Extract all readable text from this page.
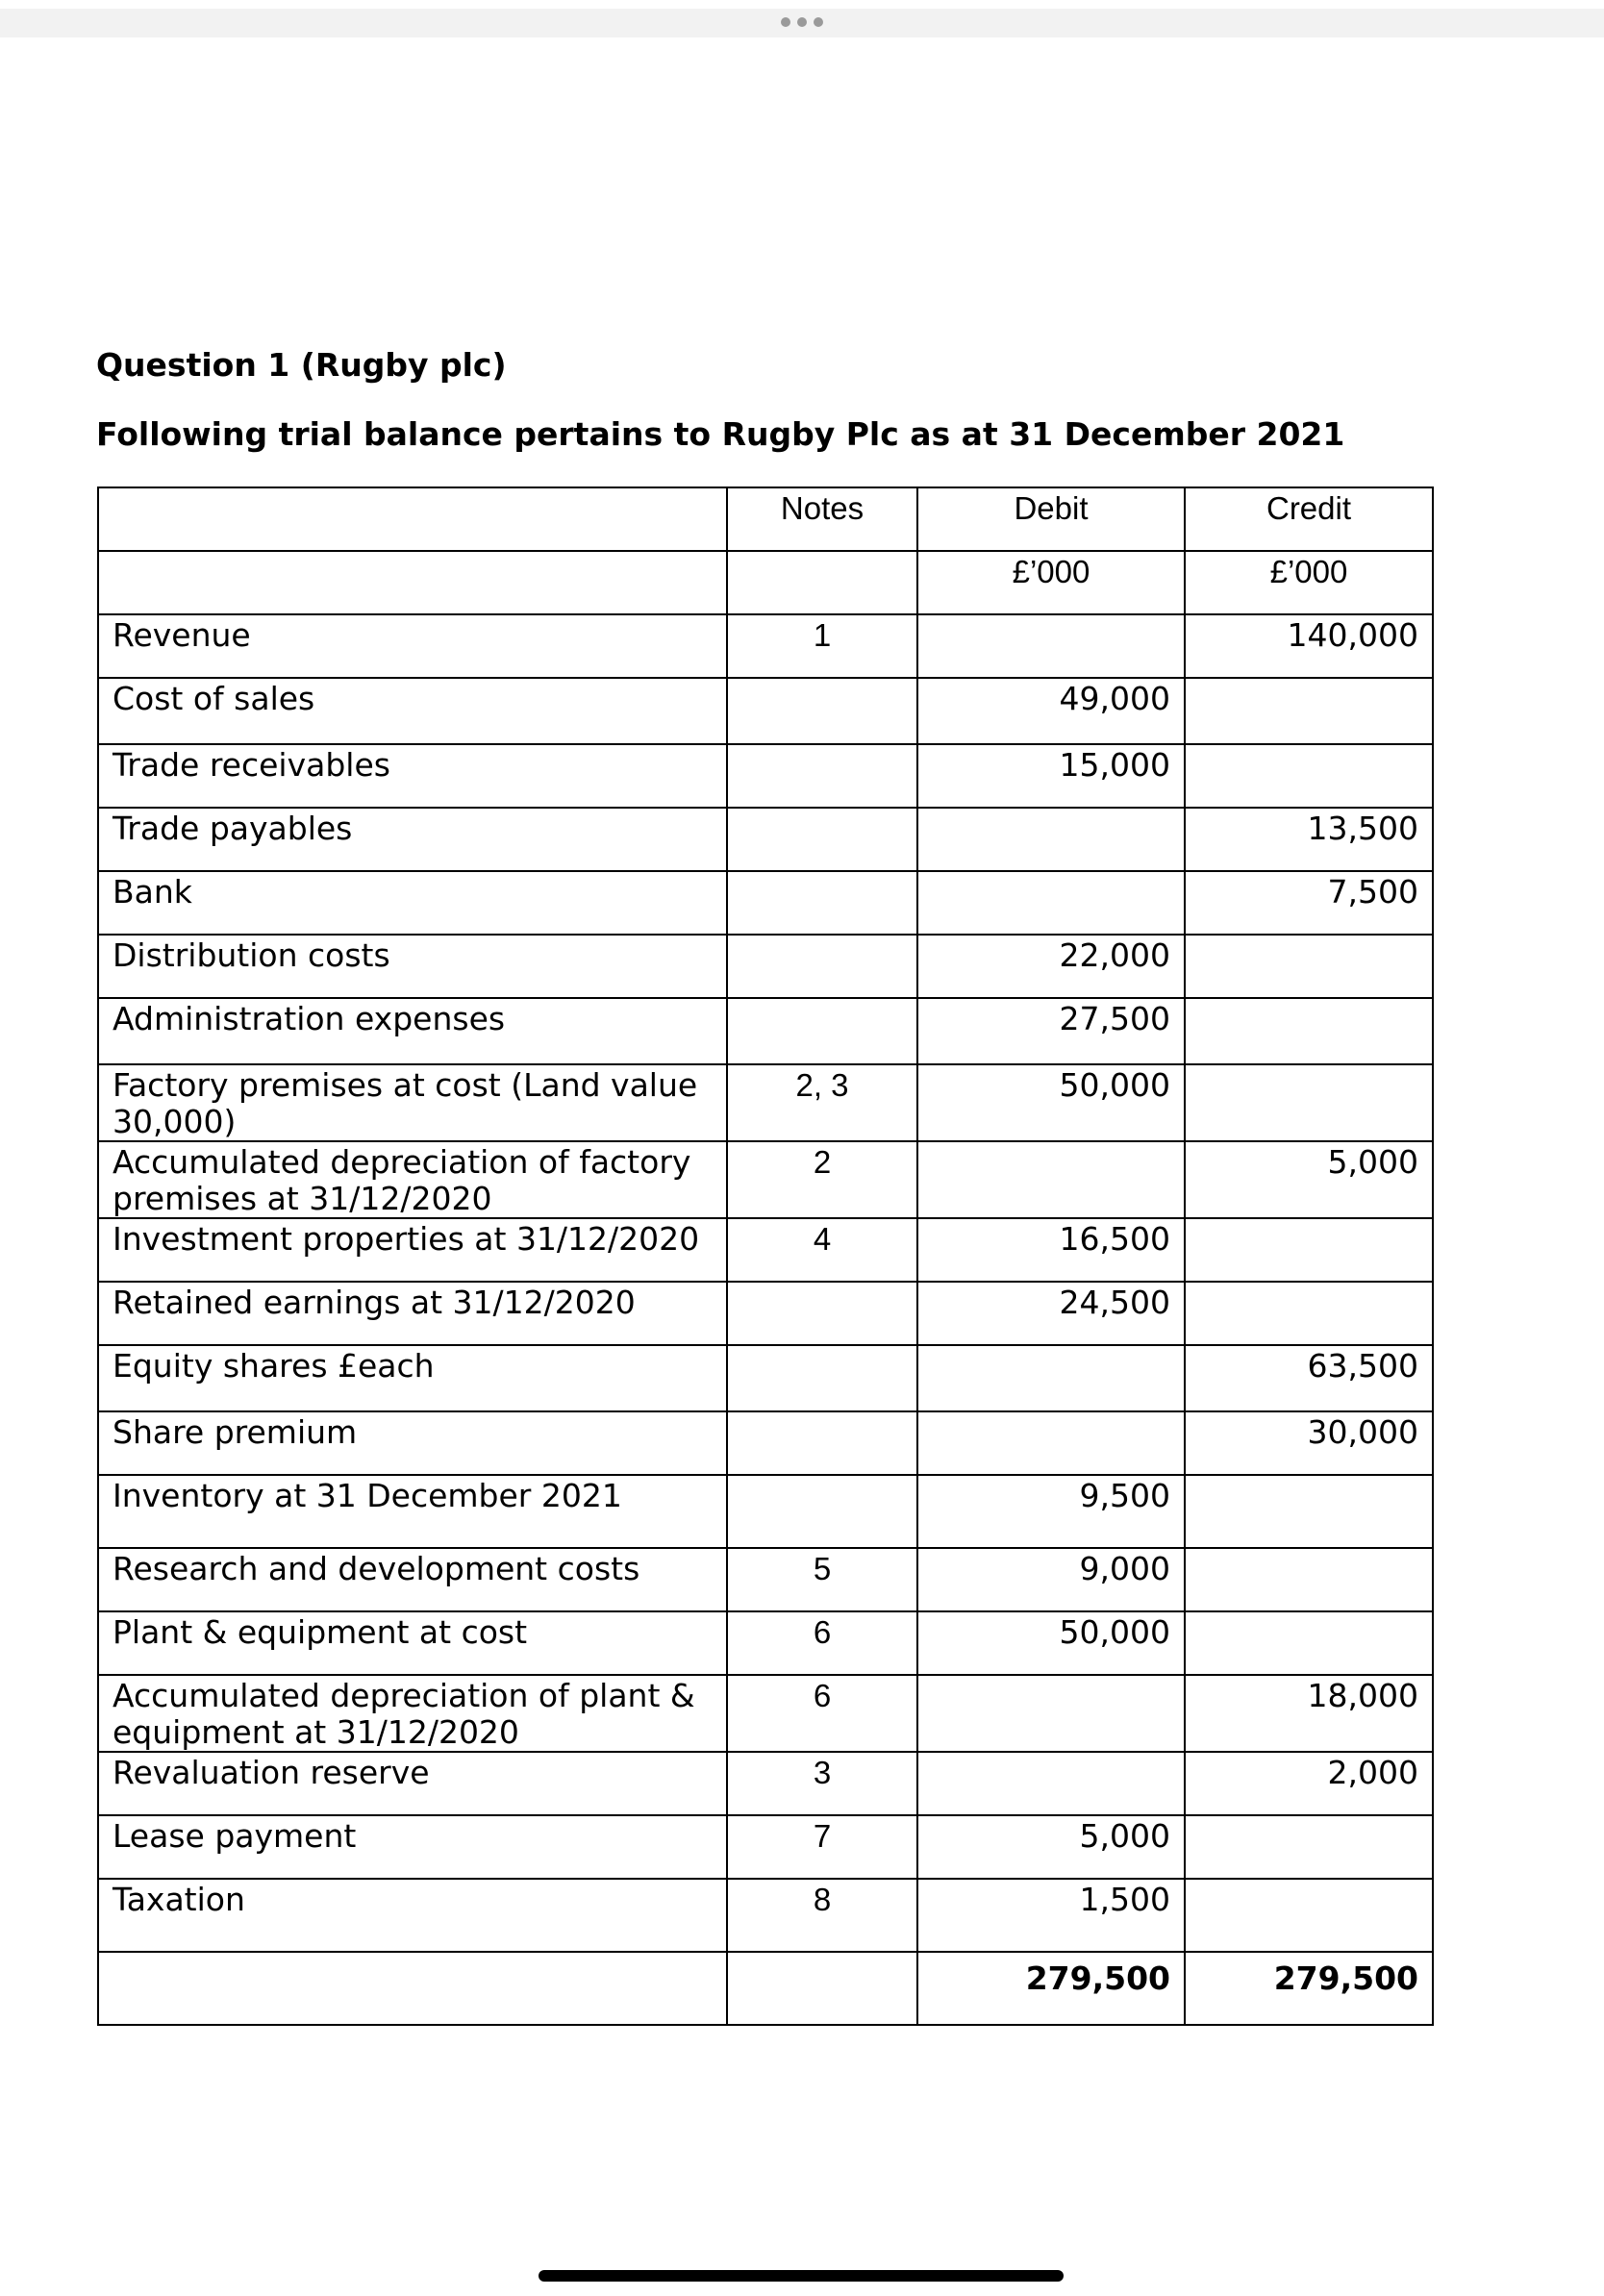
Question 1 (Rugby plc)

Following trial balance pertains to Rugby Plc as at 31 December 2021

	Notes	Debit	Credit
		£’000	£’000
Revenue	1		140,000
Cost of sales		49,000	
Trade receivables		15,000	
Trade payables			13,500
Bank			7,500
Distribution costs		22,000	
Administration expenses		27,500	
Factory premises at cost (Land value 30,000)	2, 3	50,000	
Accumulated depreciation of factory premises at 31/12/2020	2		5,000
Investment properties at 31/12/2020	4	16,500	
Retained earnings at 31/12/2020		24,500	
Equity shares £each			63,500
Share premium			30,000
Inventory at 31 December 2021		9,500	
Research and development costs	5	9,000	
Plant & equipment at cost	6	50,000	
Accumulated depreciation of plant & equipment at 31/12/2020	6		18,000
Revaluation reserve	3		2,000
Lease payment	7	5,000	
Taxation	8	1,500	
		279,500	279,500
